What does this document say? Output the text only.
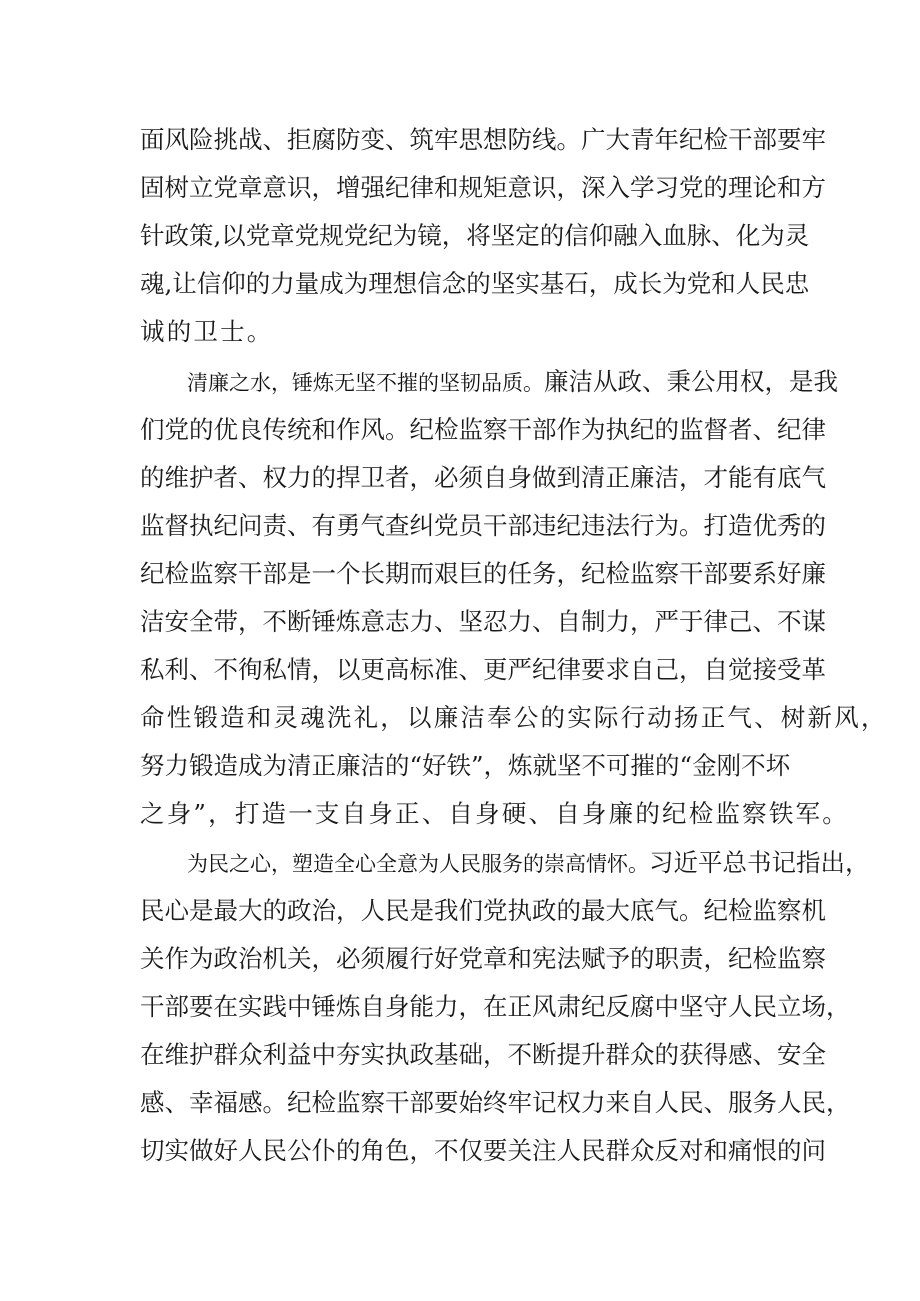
面风险挑战、拒腐防变、筑牢思想防线。广大青年纪检干部要牢
固树立党章意识，增强纪律和规矩意识，深入学习党的理论和方
针政策,以党章党规党纪为镜，将坚定的信仰融入血脉、化为灵
魂,让信仰的力量成为理想信念的坚实基石，成长为党和人民忠
诚的卫士。
清廉之水，锤炼无坚不摧的坚韧品质。廉洁从政、秉公用权，是我
们党的优良传统和作风。纪检监察干部作为执纪的监督者、纪律
的维护者、权力的捍卫者，必须自身做到清正廉洁，才能有底气
监督执纪问责、有勇气查纠党员干部违纪违法行为。打造优秀的
纪检监察干部是一个长期而艰巨的任务，纪检监察干部要系好廉
洁安全带，不断锤炼意志力、坚忍力、自制力，严于律己、不谋
私利、不徇私情，以更高标准、更严纪律要求自己，自觉接受革
命性锻造和灵魂洗礼，以廉洁奉公的实际行动扬正气、树新风，
努力锻造成为清正廉洁的“好铁”，炼就坚不可摧的“金刚不坏
之身”，打造一支自身正、自身硬、自身廉的纪检监察铁军。
为民之心，塑造全心全意为人民服务的崇高情怀。习近平总书记指出，
民心是最大的政治，人民是我们党执政的最大底气。纪检监察机
关作为政治机关，必须履行好党章和宪法赋予的职责，纪检监察
干部要在实践中锤炼自身能力，在正风肃纪反腐中坚守人民立场，
在维护群众利益中夯实执政基础，不断提升群众的获得感、安全
感、幸福感。纪检监察干部要始终牢记权力来自人民、服务人民，
切实做好人民公仆的角色，不仅要关注人民群众反对和痛恨的问
